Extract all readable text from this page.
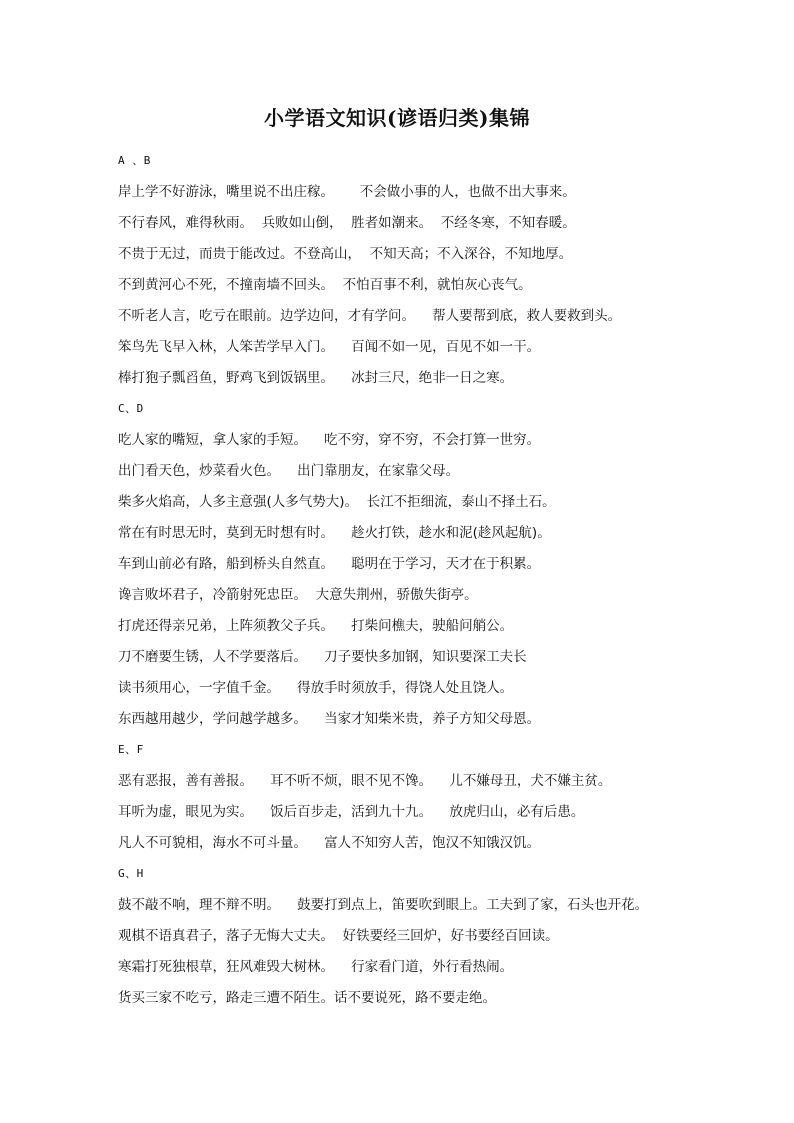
小学语文知识(谚语归类)集锦
A 、B
岸上学不好游泳，嘴里说不出庄稼。      不会做小事的人，也做不出大事来。
不行春风，难得秋雨。  兵败如山倒，  胜者如潮来。  不经冬寒，不知春暖。
不贵于无过，而贵于能改过。不登高山，  不知天高；不入深谷，不知地厚。
不到黄河心不死，不撞南墙不回头。  不怕百事不利，就怕灰心丧气。
不听老人言，吃亏在眼前。边学边问，才有学问。    帮人要帮到底，救人要救到头。
笨鸟先飞早入林，人笨苦学早入门。    百闻不如一见，百见不如一干。
棒打狍子瓢舀鱼，野鸡飞到饭锅里。    冰封三尺，绝非一日之寒。
C、D
吃人家的嘴短，拿人家的手短。    吃不穷，穿不穷，不会打算一世穷。
出门看天色，炒菜看火色。    出门靠朋友，在家靠父母。
柴多火焰高，人多主意强(人多气势大)。  长江不拒细流，泰山不择土石。
常在有时思无时，莫到无时想有时。    趁火打铁，趁水和泥(趁风起航)。
车到山前必有路，船到桥头自然直。    聪明在于学习，天才在于积累。
谗言败坏君子，冷箭射死忠臣。  大意失荆州，骄傲失街亭。
打虎还得亲兄弟，上阵须教父子兵。    打柴问樵夫，驶船问艄公。
刀不磨要生锈，人不学要落后。    刀子要快多加钢，知识要深工夫长
读书须用心，一字值千金。    得放手时须放手，得饶人处且饶人。
东西越用越少，学问越学越多。    当家才知柴米贵，养子方知父母恩。
E、F
恶有恶报，善有善报。    耳不听不烦，眼不见不馋。    儿不嫌母丑，犬不嫌主贫。
耳听为虚，眼见为实。    饭后百步走，活到九十九。    放虎归山，必有后患。
凡人不可貌相，海水不可斗量。    富人不知穷人苦，饱汉不知饿汉饥。
G、H
鼓不敲不响，理不辩不明。    鼓要打到点上，笛要吹到眼上。工夫到了家，石头也开花。
观棋不语真君子，落子无悔大丈夫。  好铁要经三回炉，好书要经百回读。
寒霜打死独根草，狂风难毁大树林。    行家看门道，外行看热闹。
货买三家不吃亏，路走三遭不陌生。话不要说死，路不要走绝。
